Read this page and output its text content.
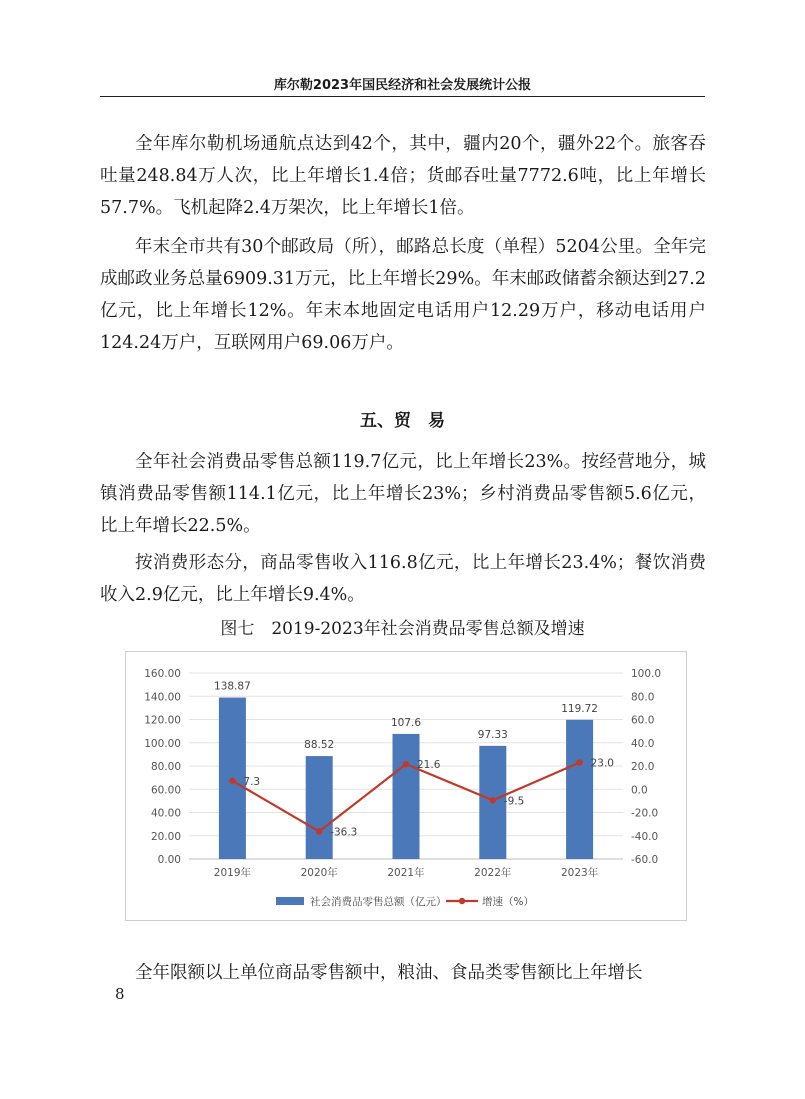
库尔勒2023年国民经济和社会发展统计公报
全年库尔勒机场通航点达到42个，其中，疆内20个，疆外22个。旅客吞吐量248.84万人次，比上年增长1.4倍；货邮吞吐量7772.6吨，比上年增长57.7%。飞机起降2.4万架次，比上年增长1倍。
年末全市共有30个邮政局（所），邮路总长度（单程）5204公里。全年完成邮政业务总量6909.31万元，比上年增长29%。年末邮政储蓄余额达到27.2亿元，比上年增长12%。年末本地固定电话用户12.29万户，移动电话用户124.24万户，互联网用户69.06万户。
五、贸　易
全年社会消费品零售总额119.7亿元，比上年增长23%。按经营地分，城镇消费品零售额114.1亿元，比上年增长23%；乡村消费品零售额5.6亿元，比上年增长22.5%。
按消费形态分，商品零售收入116.8亿元，比上年增长23.4%；餐饮消费收入2.9亿元，比上年增长9.4%。
图七　2019-2023年社会消费品零售总额及增速
0.00
20.00
40.00
60.00
80.00
100.00
120.00
140.00
160.00
-60.0
-40.0
-20.0
0.0
20.0
40.0
60.0
80.0
100.0
138.87
88.52
107.6
97.33
119.72
2019年	2020年	2021年	2022年	2023年
7.3
-36.3
21.6
-9.5
23.0
社会消费品零售总额（亿元）	增速（%）
全年限额以上单位商品零售额中，粮油、食品类零售额比上年增长
8
